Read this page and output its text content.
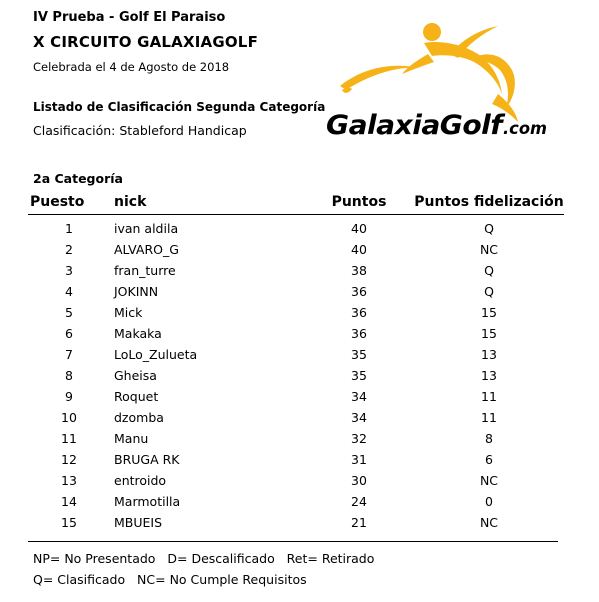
IV Prueba - Golf El Paraiso
X CIRCUITO GALAXIAGOLF
Celebrada el 4 de Agosto de 2018
Listado de Clasificación Segunda Categoría
Clasificación: Stableford Handicap	GalaxiaGolf
.com
2a Categoría
Puesto	nick	Puntos	Puntos fidelización
1	ivan aldila	40	Q
2	ALVARO_G	40	NC
3	fran_turre	38	Q
4	JOKINN	36	Q
5	Mick	36	15
6	Makaka	36	15
7	LoLo_Zulueta	35	13
8	Gheisa	35	13
9	Roquet	34	11
10	dzomba	34	11
11	Manu	32	8
12	BRUGA RK	31	6
13	entroido	30	NC
14	Marmotilla	24	0
15	MBUEIS	21	NC
NP= No Presentado   D= Descalificado   Ret= Retirado
Q= Clasificado   NC= No Cumple Requisitos
